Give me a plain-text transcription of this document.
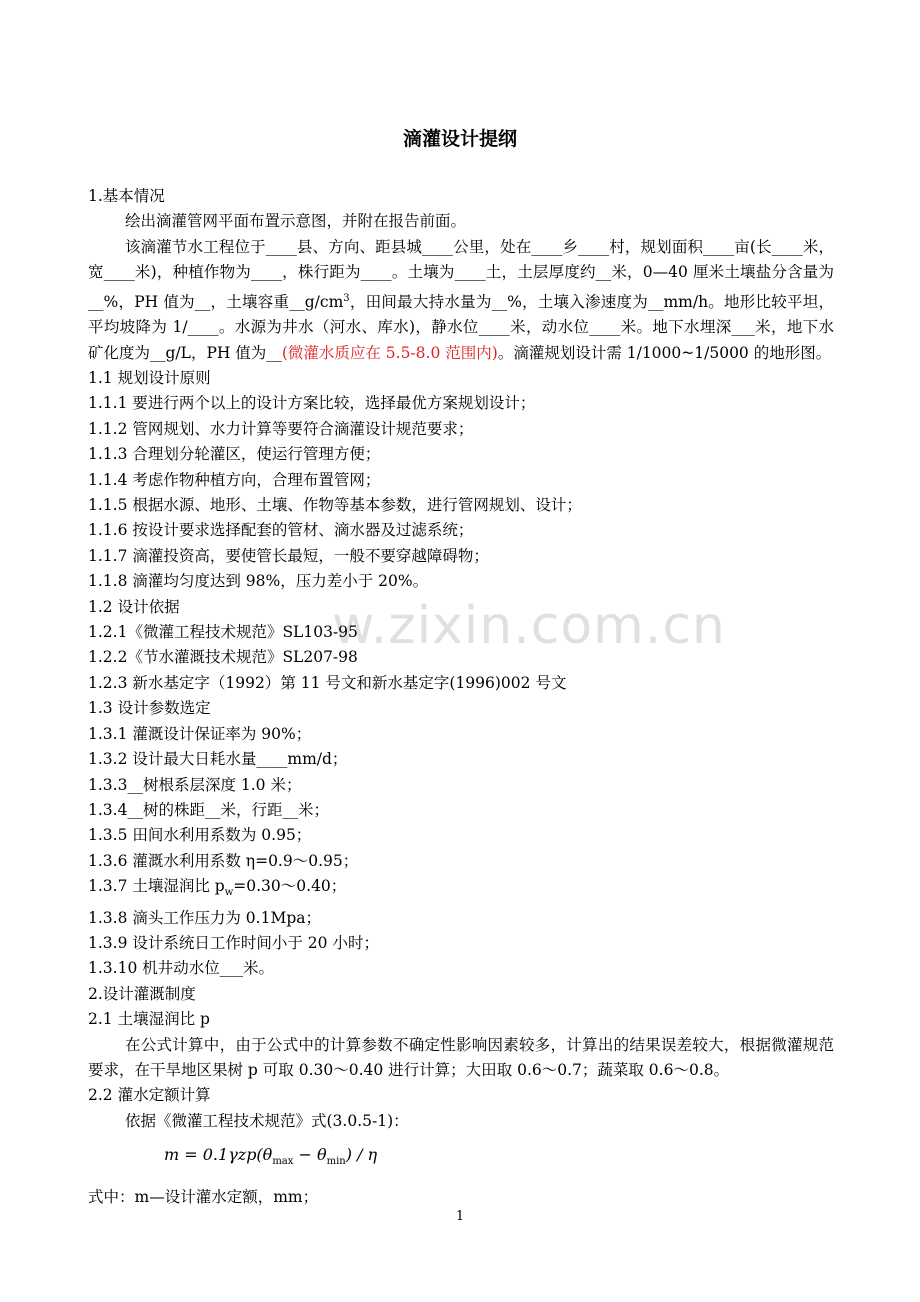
w.zixin.com.cn
滴灌设计提纲

1.基本情况

绘出滴灌管网平面布置示意图，并附在报告前面。

该滴灌节水工程位于____县、方向、距县城____公里，处在____乡____村，规划面积____亩(长____米，宽____米)，种植作物为____，株行距为____。土壤为____土，土层厚度约__米，0—40 厘米土壤盐分含量为__%，PH 值为__，土壤容重$\_\_g/cm^3$，田间最大持水量为__%，土壤入渗速度为__mm/h。地形比较平坦，平均坡降为 1/____。水源为井水（河水、库水)，静水位____米，动水位____米。地下水埋深___米，地下水矿化度为__g/L，PH 值为__(微灌水质应在 5.5-8.0 范围内)。滴灌规划设计需 1/1000~1/5000 的地形图。

1.1 规划设计原则

1.1.1 要进行两个以上的设计方案比较，选择最优方案规划设计；

1.1.2 管网规划、水力计算等要符合滴灌设计规范要求；

1.1.3 合理划分轮灌区，使运行管理方便；

1.1.4 考虑作物种植方向，合理布置管网；

1.1.5 根据水源、地形、土壤、作物等基本参数，进行管网规划、设计；

1.1.6 按设计要求选择配套的管材、滴水器及过滤系统；

1.1.7 滴灌投资高，要使管长最短，一般不要穿越障碍物；

1.1.8 滴灌均匀度达到 98%，压力差小于 20%。

1.2 设计依据

1.2.1《微灌工程技术规范》SL103-95

1.2.2《节水灌溉技术规范》SL207-98

1.2.3 新水基定字（1992）第 11 号文和新水基定字(1996)002 号文

1.3 设计参数选定

1.3.1 灌溉设计保证率为 90%；

1.3.2 设计最大日耗水量____mm/d；

1.3.3__树根系层深度 1.0 米；

1.3.4__树的株距__米，行距__米；

1.3.5 田间水利用系数为 0.95；

1.3.6 灌溉水利用系数 η=0.9～0.95；

1.3.7 土壤湿润比 $p_w=0.30\sim 0.40$；

1.3.8 滴头工作压力为 0.1Mpa；

1.3.9 设计系统日工作时间小于 20 小时；

1.3.10 机井动水位___米。

2.设计灌溉制度

2.1 土壤湿润比 p

在公式计算中，由于公式中的计算参数不确定性影响因素较多，计算出的结果误差较大，根据微灌规范要求，在干旱地区果树 p 可取 0.30～0.40 进行计算；大田取 0.6～0.7；蔬菜取 0.6～0.8。

2.2 灌水定额计算

依据《微灌工程技术规范》式(3.0.5-1)：

$m = 0.1\gamma zp(\theta_{max} - \theta_{min}) / \eta$

式中：m—设计灌水定额，mm；

1
